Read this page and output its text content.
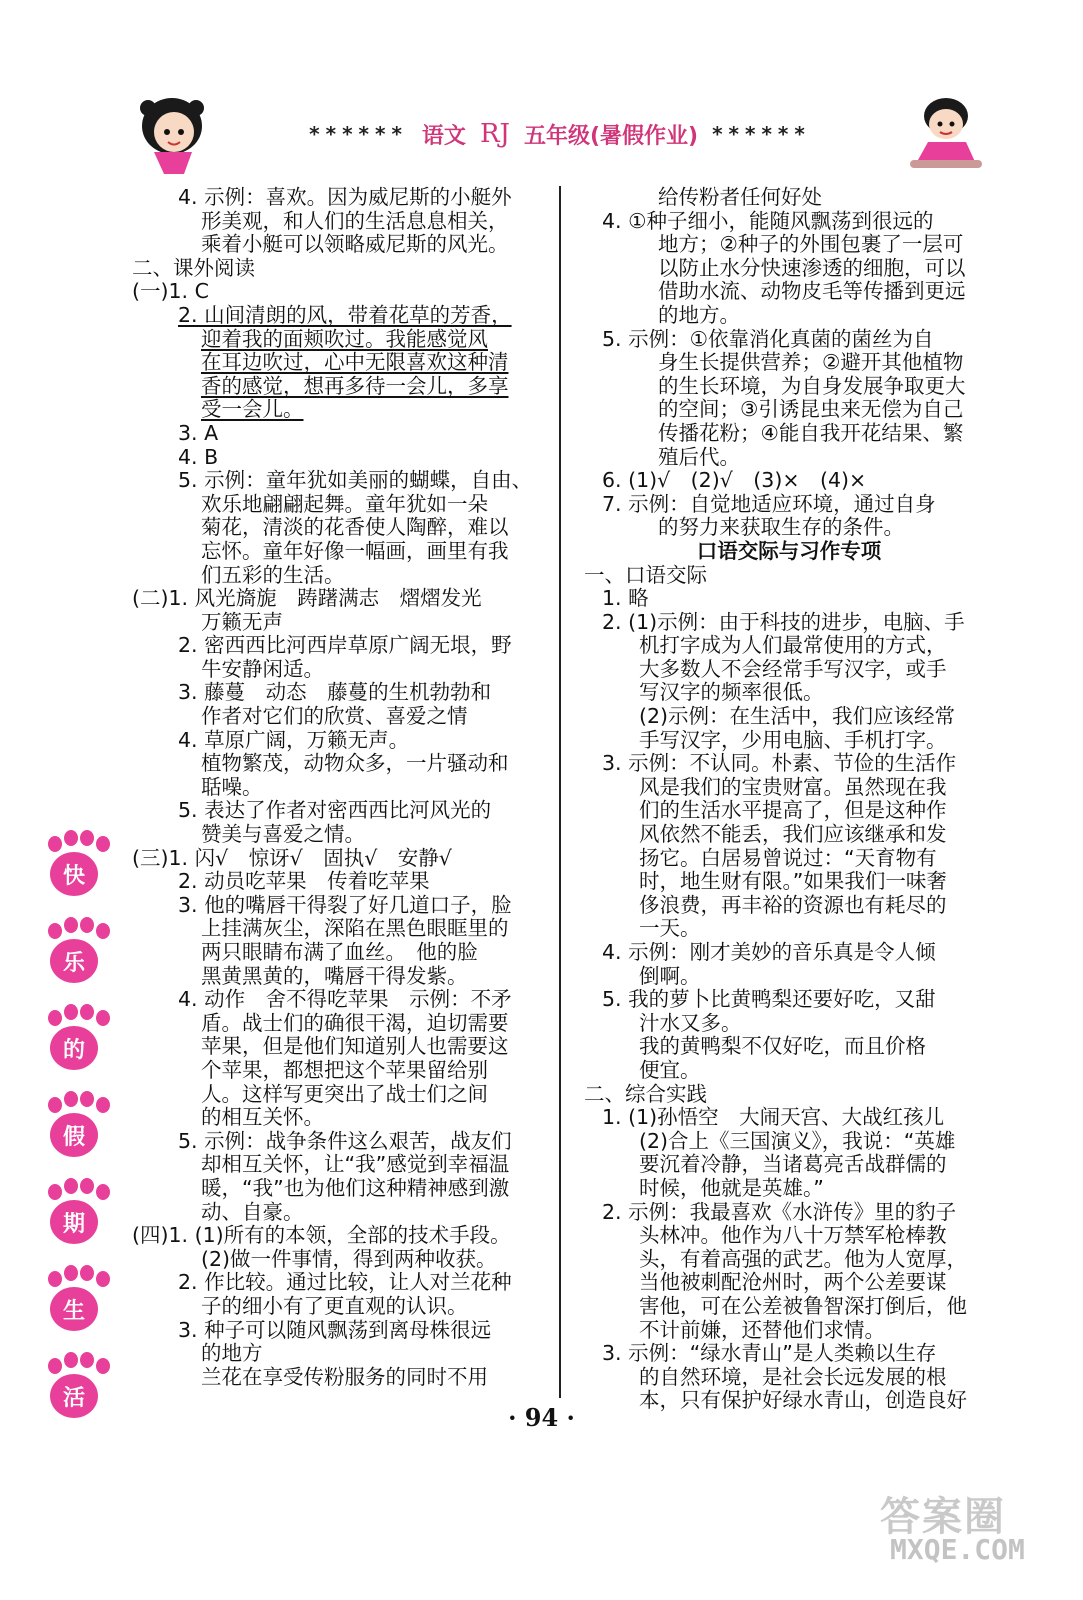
****** 语文 RJ 五年级(暑假作业) ******
4. 示例：喜欢。因为威尼斯的小艇外
形美观，和人们的生活息息相关，
乘着小艇可以领略威尼斯的风光。
二、课外阅读
(一)1. C
2. 山间清朗的风，带着花草的芳香，
迎着我的面颊吹过。我能感觉风
在耳边吹过，心中无限喜欢这种清
香的感觉，想再多待一会儿，多享
受一会儿。
3. A
4. B
5. 示例：童年犹如美丽的蝴蝶，自由、
欢乐地翩翩起舞。童年犹如一朵
菊花，清淡的花香使人陶醉，难以
忘怀。童年好像一幅画，画里有我
们五彩的生活。
(二)1. 风光旖旎　踌躇满志　熠熠发光
万籁无声
2. 密西西比河西岸草原广阔无垠，野
牛安静闲适。
3. 藤蔓　动态　藤蔓的生机勃勃和
作者对它们的欣赏、喜爱之情
4. 草原广阔，万籁无声。
植物繁茂，动物众多，一片骚动和
聒噪。
5. 表达了作者对密西西比河风光的
赞美与喜爱之情。
(三)1. 闪√　惊讶√　固执√　安静√
2. 动员吃苹果　传着吃苹果
3. 他的嘴唇干得裂了好几道口子，脸
上挂满灰尘，深陷在黑色眼眶里的
两只眼睛布满了血丝。　他的脸
黑黄黑黄的，嘴唇干得发紫。
4. 动作　舍不得吃苹果　示例：不矛
盾。战士们的确很干渴，迫切需要
苹果，但是他们知道别人也需要这
个苹果，都想把这个苹果留给别
人。这样写更突出了战士们之间
的相互关怀。
5. 示例：战争条件这么艰苦，战友们
却相互关怀，让“我”感觉到幸福温
暖，“我”也为他们这种精神感到激
动、自豪。
(四)1. (1)所有的本领，全部的技术手段。
(2)做一件事情，得到两种收获。
2. 作比较。通过比较，让人对兰花种
子的细小有了更直观的认识。
3. 种子可以随风飘荡到离母株很远
的地方
兰花在享受传粉服务的同时不用
给传粉者任何好处
4. ①种子细小，能随风飘荡到很远的
地方；②种子的外围包裹了一层可
以防止水分快速渗透的细胞，可以
借助水流、动物皮毛等传播到更远
的地方。
5. 示例：①依靠消化真菌的菌丝为自
身生长提供营养；②避开其他植物
的生长环境，为自身发展争取更大
的空间；③引诱昆虫来无偿为自己
传播花粉；④能自我开花结果、繁
殖后代。
6. (1)√　(2)√　(3)×　(4)×
7. 示例：自觉地适应环境，通过自身
的努力来获取生存的条件。
口语交际与习作专项
一、口语交际
1. 略
2. (1)示例：由于科技的进步，电脑、手
机打字成为人们最常使用的方式，
大多数人不会经常手写汉字，或手
写汉字的频率很低。
(2)示例：在生活中，我们应该经常
手写汉字，少用电脑、手机打字。
3. 示例：不认同。朴素、节俭的生活作
风是我们的宝贵财富。虽然现在我
们的生活水平提高了，但是这种作
风依然不能丢，我们应该继承和发
扬它。白居易曾说过：“天育物有
时，地生财有限。”如果我们一味奢
侈浪费，再丰裕的资源也有耗尽的
一天。
4. 示例：刚才美妙的音乐真是令人倾
倒啊。
5. 我的萝卜比黄鸭梨还要好吃，又甜
汁水又多。
我的黄鸭梨不仅好吃，而且价格
便宜。
二、综合实践
1. (1)孙悟空　大闹天宫、大战红孩儿
(2)合上《三国演义》，我说：“英雄
要沉着冷静，当诸葛亮舌战群儒的
时候，他就是英雄。”
2. 示例：我最喜欢《水浒传》里的豹子
头林冲。他作为八十万禁军枪棒教
头，有着高强的武艺。他为人宽厚，
当他被刺配沧州时，两个公差要谋
害他，可在公差被鲁智深打倒后，他
不计前嫌，还替他们求情。
3. 示例：“绿水青山”是人类赖以生存
的自然环境，是社会长远发展的根
本，只有保护好绿水青山，创造良好
快
乐
的
假
期
生
活
· 94 ·
答案圈
MXQE.COM
